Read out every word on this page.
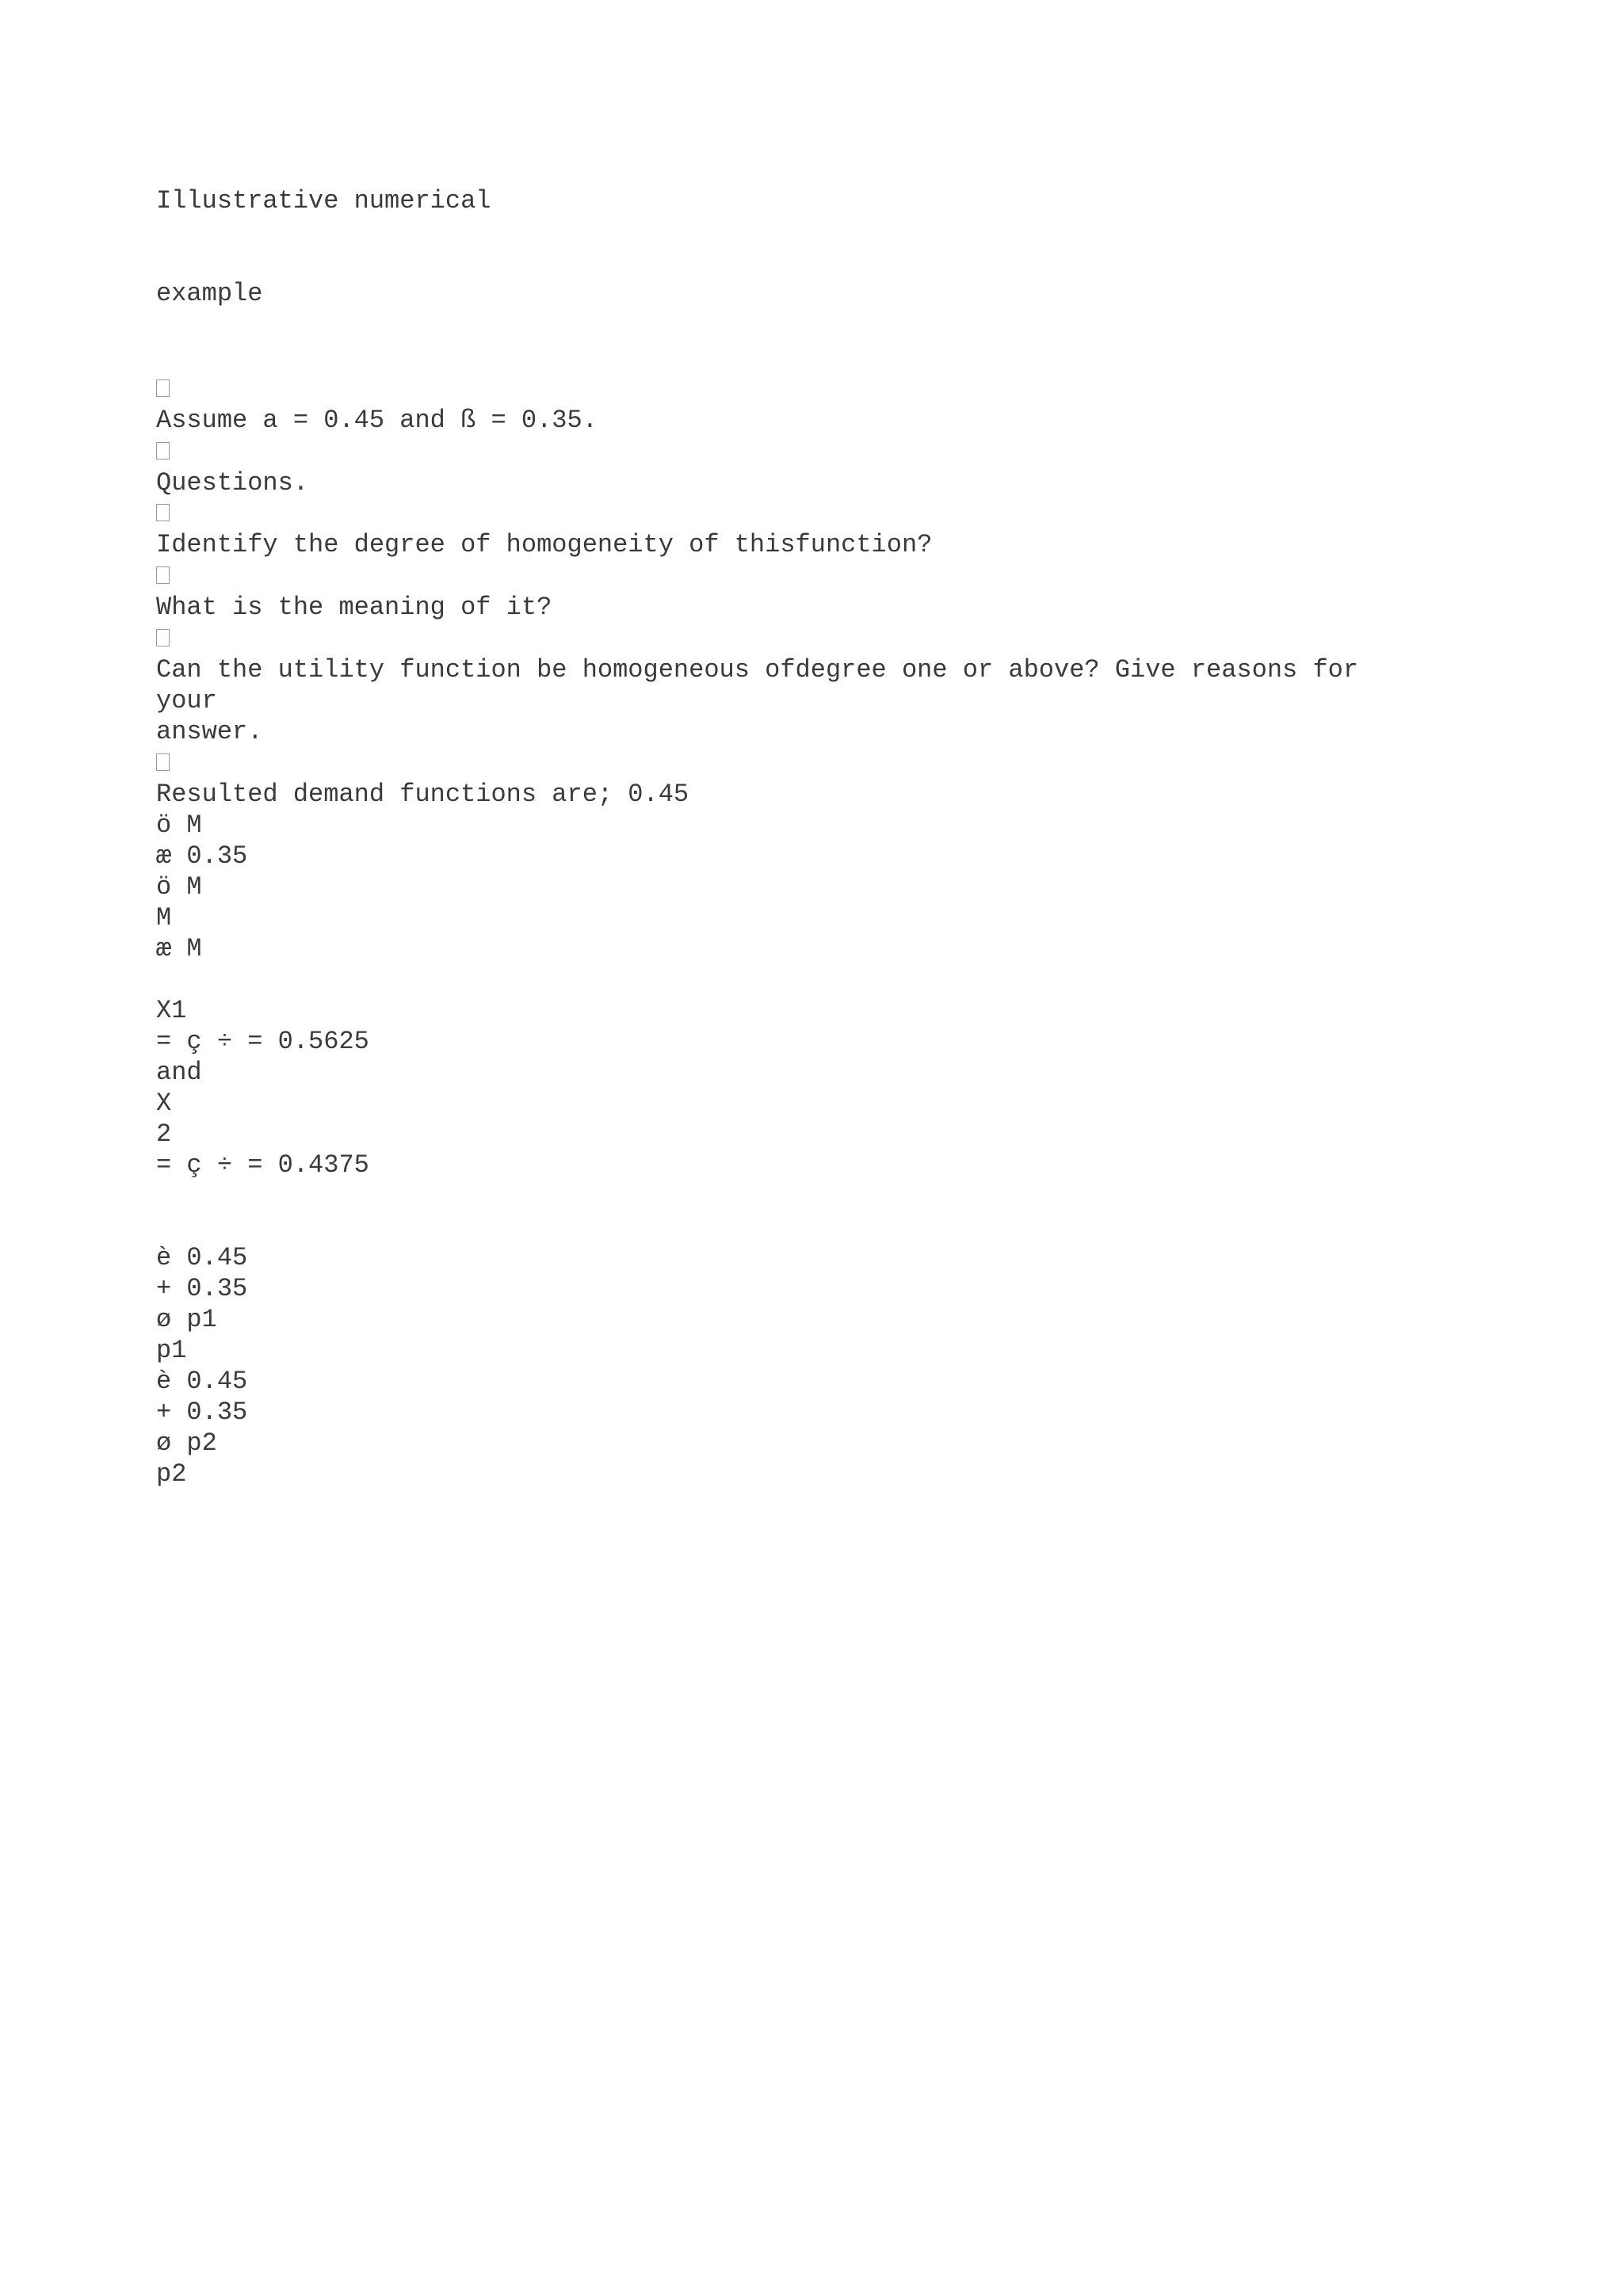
Illustrative numerical

example

Assume a = 0.45 and ß = 0.35.

Questions.

Identify the degree of homogeneity of thisfunction?

What is the meaning of it?

Can the utility function be homogeneous ofdegree one or above? Give reasons for

your

answer.

Resulted demand functions are; 0.45

ö M

æ 0.35

ö M

M

æ M

X1

= ç ÷ = 0.5625

and

X

2

= ç ÷ = 0.4375

è 0.45

+ 0.35

ø p1

p1

è 0.45

+ 0.35

ø p2

p2
